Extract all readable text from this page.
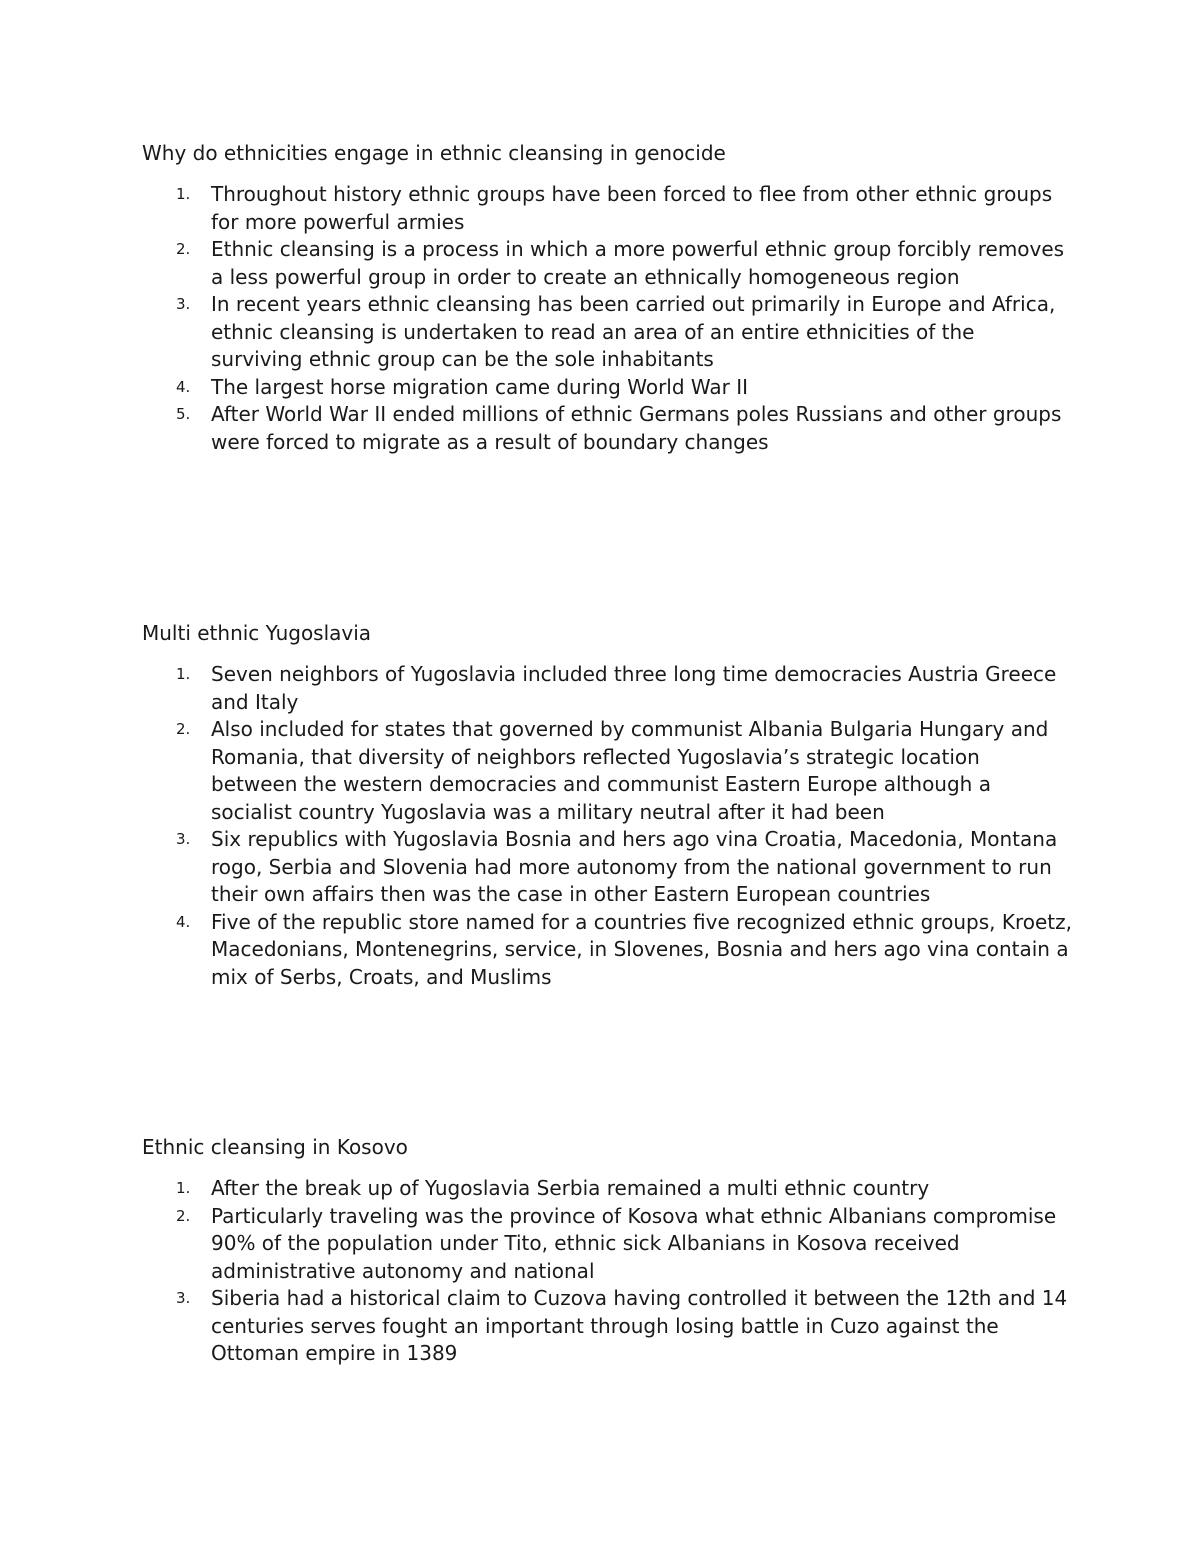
Why do ethnicities engage in ethnic cleansing in genocide
1. Throughout history ethnic groups have been forced to flee from other ethnic groups for more powerful armies
2. Ethnic cleansing is a process in which a more powerful ethnic group forcibly removes a less powerful group in order to create an ethnically homogeneous region
3. In recent years ethnic cleansing has been carried out primarily in Europe and Africa, ethnic cleansing is undertaken to read an area of an entire ethnicities of the surviving ethnic group can be the sole inhabitants
4. The largest horse migration came during World War II
5. After World War II ended millions of ethnic Germans poles Russians and other groups were forced to migrate as a result of boundary changes
Multi ethnic Yugoslavia
1. Seven neighbors of Yugoslavia included three long time democracies Austria Greece and Italy
2. Also included for states that governed by communist Albania Bulgaria Hungary and Romania, that diversity of neighbors reflected Yugoslavia’s strategic location between the western democracies and communist Eastern Europe although a socialist country Yugoslavia was a military neutral after it had been
3. Six republics with Yugoslavia Bosnia and hers ago vina Croatia, Macedonia, Montana rogo, Serbia and Slovenia had more autonomy from the national government to run their own affairs then was the case in other Eastern European countries
4. Five of the republic store named for a countries five recognized ethnic groups, Kroetz, Macedonians, Montenegrins, service, in Slovenes, Bosnia and hers ago vina contain a mix of Serbs, Croats, and Muslims
Ethnic cleansing in Kosovo
1. After the break up of Yugoslavia Serbia remained a multi ethnic country
2. Particularly traveling was the province of Kosova what ethnic Albanians compromise 90% of the population under Tito, ethnic sick Albanians in Kosova received administrative autonomy and national
3. Siberia had a historical claim to Cuzova having controlled it between the 12th and 14 centuries serves fought an important through losing battle in Cuzo against the Ottoman empire in 1389
